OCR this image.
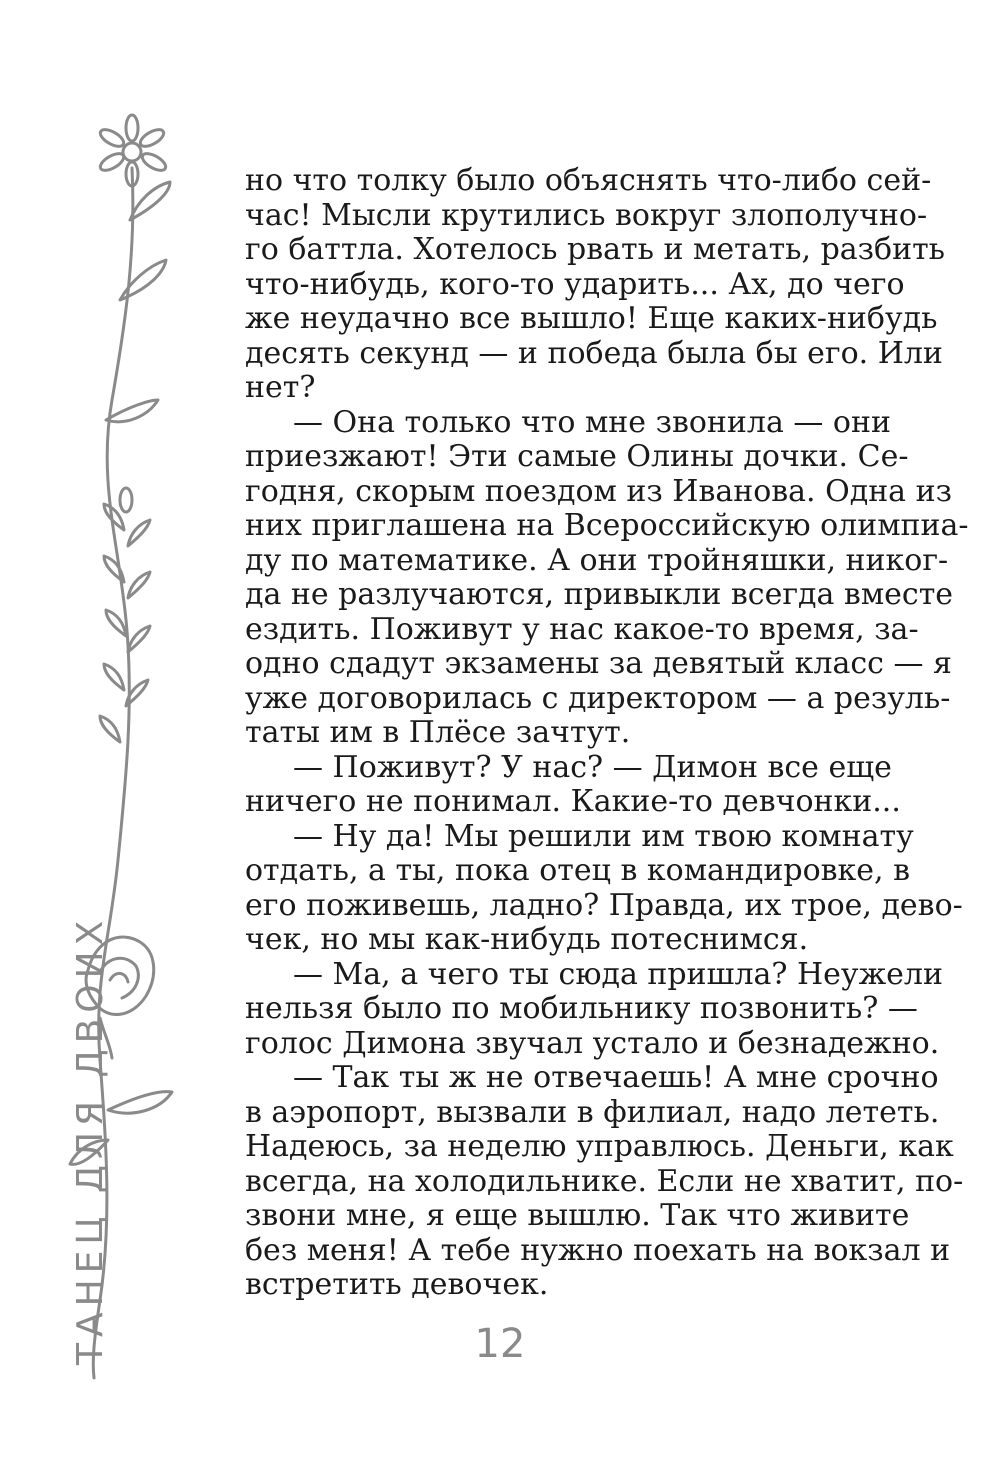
ТАНЕЦ ДЛЯ ДВОИХ
но что толку было объяснять что-либо сей-
час! Мысли крутились вокруг злополучно-
го баттла. Хотелось рвать и метать, разбить
что-нибудь, кого-то ударить... Ах, до чего
же неудачно все вышло! Еще каких-нибудь
десять секунд — и победа была бы его. Или
нет?
— Она только что мне звонила — они
приезжают! Эти самые Олины дочки. Се-
годня, скорым поездом из Иванова. Одна из
них приглашена на Всероссийскую олимпиа-
ду по математике. А они тройняшки, никог-
да не разлучаются, привыкли всегда вместе
ездить. Поживут у нас какое-то время, за-
одно сдадут экзамены за девятый класс — я
уже договорилась с директором — а резуль-
таты им в Плёсе зачтут.
— Поживут? У нас? — Димон все еще
ничего не понимал. Какие-то девчонки...
— Ну да! Мы решили им твою комнату
отдать, а ты, пока отец в командировке, в
его поживешь, ладно? Правда, их трое, дево-
чек, но мы как-нибудь потеснимся.
— Ма, а чего ты сюда пришла? Неужели
нельзя было по мобильнику позвонить? —
голос Димона звучал устало и безнадежно.
— Так ты ж не отвечаешь! А мне срочно
в аэропорт, вызвали в филиал, надо лететь.
Надеюсь, за неделю управлюсь. Деньги, как
всегда, на холодильнике. Если не хватит, по-
звони мне, я еще вышлю. Так что живите
без меня! А тебе нужно поехать на вокзал и
встретить девочек.
12
